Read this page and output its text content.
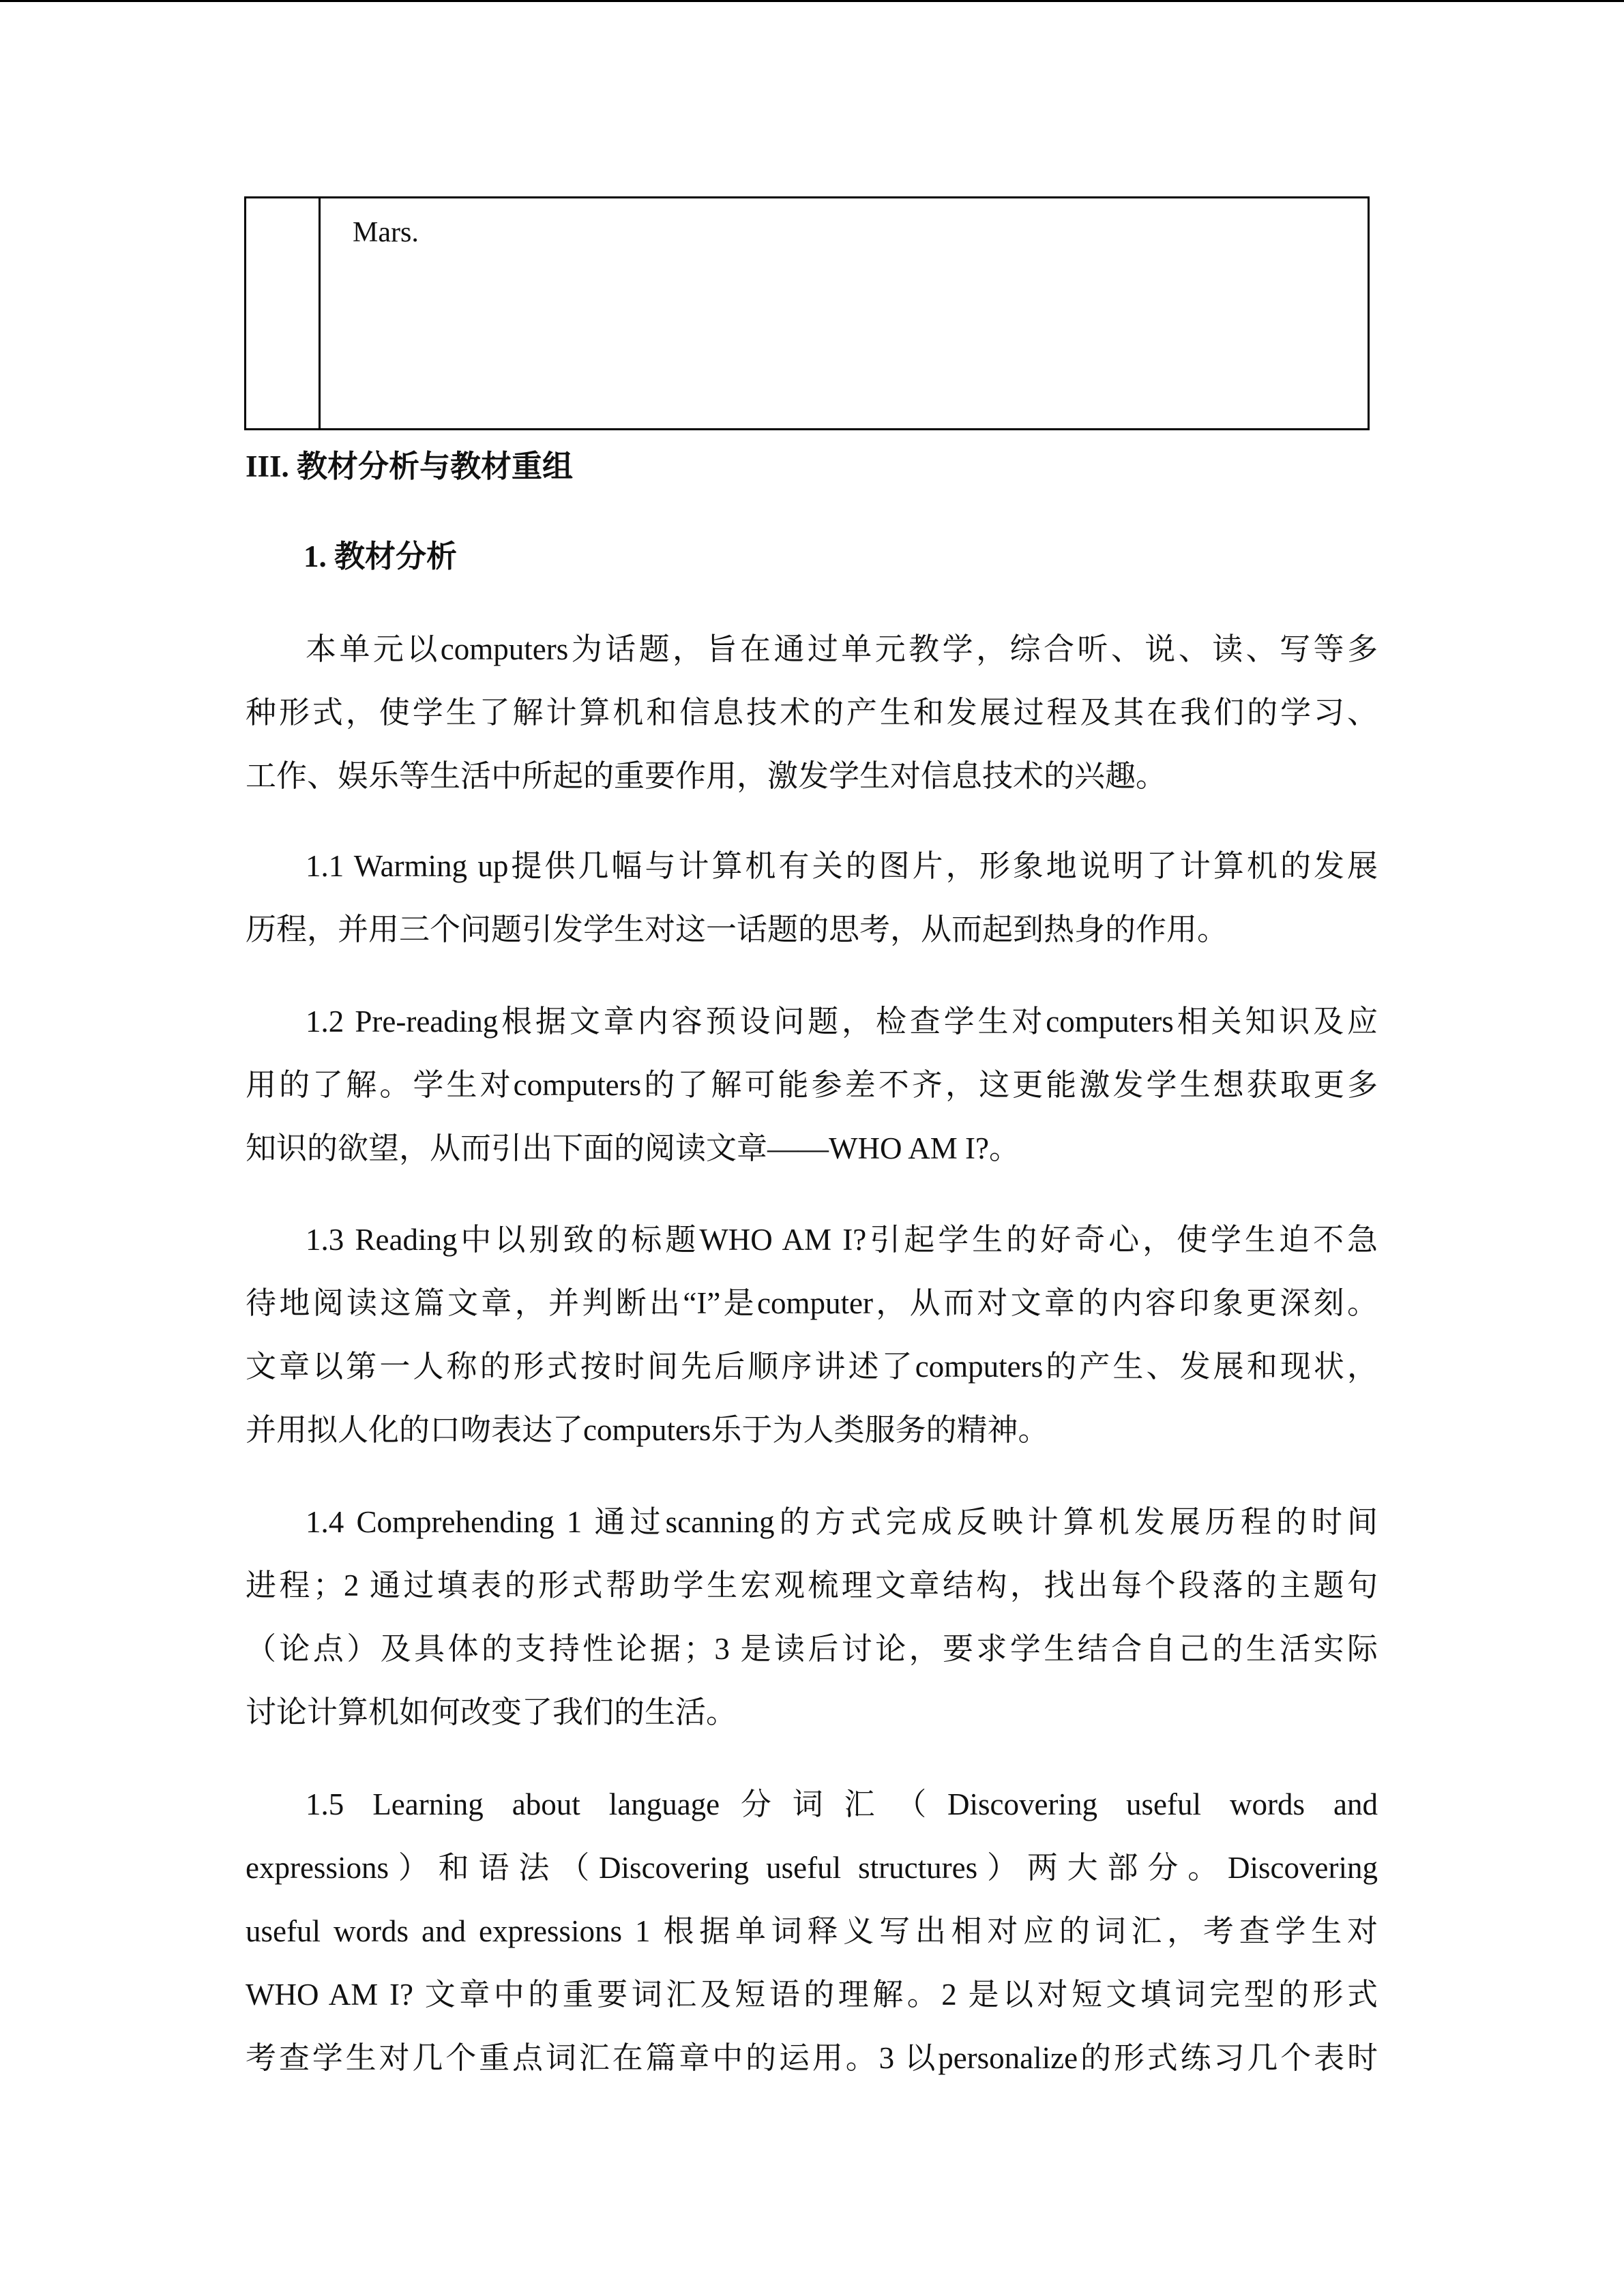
Mars.
III. 教材分析与教材重组
1. 教材分析
本单元以computers为话题，旨在通过单元教学，综合听、说、读、写等多
种形式，使学生了解计算机和信息技术的产生和发展过程及其在我们的学习、
工作、娱乐等生活中所起的重要作用，激发学生对信息技术的兴趣。
1.1 Warming up提供几幅与计算机有关的图片，形象地说明了计算机的发展
历程，并用三个问题引发学生对这一话题的思考，从而起到热身的作用。
1.2 Pre-reading根据文章内容预设问题，检查学生对computers相关知识及应
用的了解。学生对computers的了解可能参差不齐，这更能激发学生想获取更多
知识的欲望，从而引出下面的阅读文章——WHO AM I?。
1.3 Reading中以别致的标题WHO AM I?引起学生的好奇心，使学生迫不急
待地阅读这篇文章，并判断出“I”是computer，从而对文章的内容印象更深刻。
文章以第一人称的形式按时间先后顺序讲述了computers的产生、发展和现状，
并用拟人化的口吻表达了computers乐于为人类服务的精神。
1.4 Comprehending 1 通过scanning的方式完成反映计算机发展历程的时间
进程；2 通过填表的形式帮助学生宏观梳理文章结构，找出每个段落的主题句
（论点）及具体的支持性论据；3 是读后讨论，要求学生结合自己的生活实际
讨论计算机如何改变了我们的生活。
1.5 Learning about language分词汇（Discovering useful words and
expressions）和语法（Discovering useful structures）两大部分。Discovering
useful words and expressions 1 根据单词释义写出相对应的词汇，考查学生对
WHO AM I? 文章中的重要词汇及短语的理解。2 是以对短文填词完型的形式
考查学生对几个重点词汇在篇章中的运用。3 以personalize的形式练习几个表时
